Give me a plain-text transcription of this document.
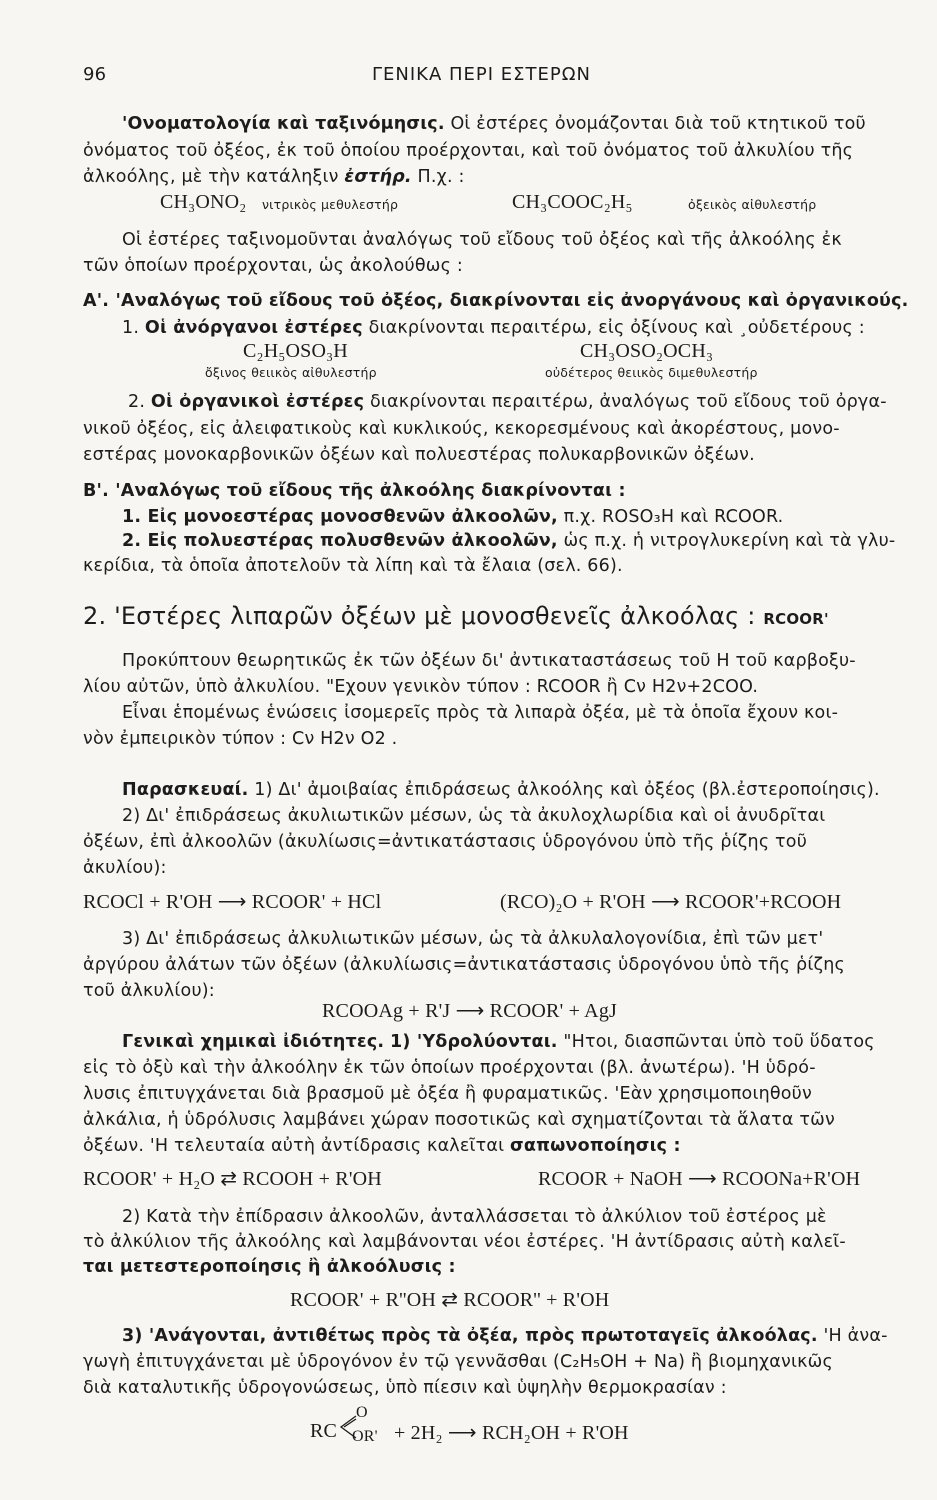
96	ΓΕΝΙΚΑ ΠΕΡΙ ΕΣΤΕΡΩΝ
'Ονοματολογία καὶ ταξινόμησις. Οἱ ἐστέρες ὀνομάζονται διὰ τοῦ κτητικοῦ τοῦ
ὀνόματος τοῦ ὀξέος, ἐκ τοῦ ὁποίου προέρχονται, καὶ τοῦ ὀνόματος τοῦ ἀλκυλίου τῆς
ἀλκοόλης, μὲ τὴν κατάληξιν ἐστήρ. Π.χ. :
CH₃ONO₂ νιτρικὸς μεθυλεστήρ	CH₃COOC₂H₅	ὀξεικὸς αἰθυλεστήρ
Οἱ ἐστέρες ταξινομοῦνται ἀναλόγως τοῦ εἴδους τοῦ ὀξέος καὶ τῆς ἀλκοόλης ἐκ
τῶν ὁποίων προέρχονται, ὡς ἀκολούθως :
Α'. 'Αναλόγως τοῦ εἴδους τοῦ ὀξέος, διακρίνονται εἰς ἀνοργάνους καὶ ὀργανικούς.
1. Οἱ ἀνόργανοι ἐστέρες διακρίνονται περαιτέρω, εἰς ὀξίνους καὶ ¸οὐδετέρους :
C₂H₅OSO₃H	CH₃OSO₂OCH₃
ὄξινος θειικὸς αἰθυλεστήρ	οὐδέτερος θειικὸς διμεθυλεστήρ
2. Οἱ ὀργανικοὶ ἐστέρες διακρίνονται περαιτέρω, ἀναλόγως τοῦ εἴδους τοῦ ὀργα-
νικοῦ ὀξέος, εἰς ἀλειφατικοὺς καὶ κυκλικούς, κεκορεσμένους καὶ ἀκορέστους, μονο-
εστέρας μονοκαρβονικῶν ὀξέων καὶ πολυεστέρας πολυκαρβονικῶν ὀξέων.
Β'. 'Αναλόγως τοῦ εἴδους τῆς ἀλκοόλης διακρίνονται :
1. Εἰς μονοεστέρας μονοσθενῶν ἀλκοολῶν, π.χ. ROSO₃H καὶ RCOOR.
2. Εἰς πολυεστέρας πολυσθενῶν ἀλκοολῶν, ὡς π.χ. ἡ νιτρογλυκερίνη καὶ τὰ γλυ-
κερίδια, τὰ ὁποῖα ἀποτελοῦν τὰ λίπη καὶ τὰ ἔλαια (σελ. 66).
2. 'Εστέρες λιπαρῶν ὀξέων μὲ μονοσθενεῖς ἀλκοόλας : RCOOR'
Προκύπτουν θεωρητικῶς ἐκ τῶν ὀξέων δι' ἀντικαταστάσεως τοῦ Η τοῦ καρβοξυ-
λίου αὐτῶν, ὑπὸ ἀλκυλίου. "Εχουν γενικὸν τύπον : RCOOR ἢ Cν H2ν+2COO.
Εἶναι ἑπομένως ἑνώσεις ἰσομερεῖς πρὸς τὰ λιπαρὰ ὀξέα, μὲ τὰ ὁποῖα ἔχουν κοι-
νὸν ἐμπειρικὸν τύπον : Cν H2ν O2 .
Παρασκευαί. 1) Δι' ἀμοιβαίας ἐπιδράσεως ἀλκοόλης καὶ ὀξέος (βλ.ἐστεροποίησις).
2) Δι' ἐπιδράσεως ἀκυλιωτικῶν μέσων, ὡς τὰ ἀκυλοχλωρίδια καὶ οἱ ἀνυδρῖται
ὀξέων, ἐπὶ ἀλκοολῶν (ἀκυλίωσις=ἀντικατάστασις ὑδρογόνου ὑπὸ τῆς ῥίζης τοῦ
ἀκυλίου):
RCOCl + R'OH ⟶ RCOOR' + HCl	(RCO)₂O + R'OH ⟶ RCOOR'+RCOOH
3) Δι' ἐπιδράσεως ἀλκυλιωτικῶν μέσων, ὡς τὰ ἀλκυλαλογονίδια, ἐπὶ τῶν μετ'
ἀργύρου ἀλάτων τῶν ὀξέων (ἀλκυλίωσις=ἀντικατάστασις ὑδρογόνου ὑπὸ τῆς ῥίζης
τοῦ ἀλκυλίου):
RCOOAg + R'J ⟶ RCOOR' + AgJ
Γενικαὶ χημικαὶ ἰδιότητες. 1) 'Υδρολύονται. "Ητοι, διασπῶνται ὑπὸ τοῦ ὕδατος
εἰς τὸ ὀξὺ καὶ τὴν ἀλκοόλην ἐκ τῶν ὁποίων προέρχονται (βλ. ἀνωτέρω). 'Η ὑδρό-
λυσις ἐπιτυγχάνεται διὰ βρασμοῦ μὲ ὀξέα ἢ φυραματικῶς. 'Εὰν χρησιμοποιηθοῦν
ἀλκάλια, ἡ ὑδρόλυσις λαμβάνει χώραν ποσοτικῶς καὶ σχηματίζονται τὰ ἅλατα τῶν
ὀξέων. 'Η τελευταία αὐτὴ ἀντίδρασις καλεῖται σαπωνοποίησις :
RCOOR' + H₂O ⇄ RCOOH + R'OH	RCOOR + NaOH ⟶ RCOONa+R'OH
2) Κατὰ τὴν ἐπίδρασιν ἀλκοολῶν, ἀνταλλάσσεται τὸ ἀλκύλιον τοῦ ἐστέρος μὲ
τὸ ἀλκύλιον τῆς ἀλκοόλης καὶ λαμβάνονται νέοι ἐστέρες. 'Η ἀντίδρασις αὐτὴ καλεῖ-
ται μετεστεροποίησις ἢ ἀλκοόλυσις :
RCOOR' + R''OH ⇄ RCOOR'' + R'OH
3) 'Ανάγονται, ἀντιθέτως πρὸς τὰ ὀξέα, πρὸς πρωτοταγεῖς ἀλκοόλας. 'Η ἀνα-
γωγὴ ἐπιτυγχάνεται μὲ ὑδρογόνον ἐν τῷ γεννᾶσθαι (C₂H₅OH + Na) ἢ βιομηχανικῶς
διὰ καταλυτικῆς ὑδρογονώσεως, ὑπὸ πίεσιν καὶ ὑψηλὴν θερμοκρασίαν :
RC
O
OR' + 2H₂ ⟶ RCH₂OH + R'OH
